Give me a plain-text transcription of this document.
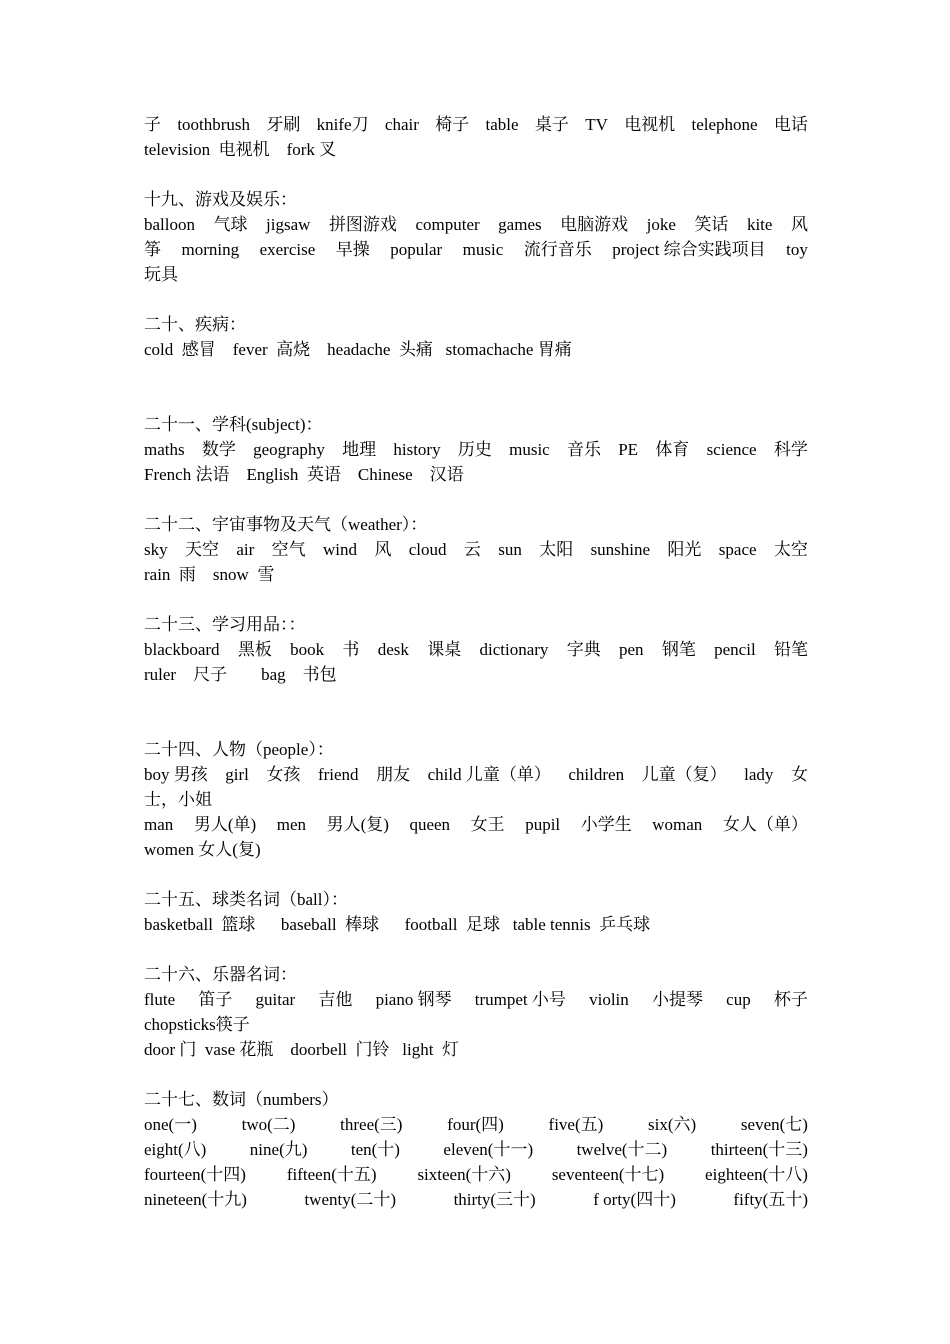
子 toothbrush 牙刷 knife刀 chair 椅子 table 桌子 TV 电视机 telephone 电话
television  电视机    fork 叉
十九、游戏及娱乐：
balloon 气球 jigsaw 拼图游戏 computer games 电脑游戏 joke 笑话 kite 风
筝 morning exercise 早操 popular music 流行音乐 project 综合实践项目 toy
玩具
二十、疾病：
cold  感冒    fever  高烧    headache  头痛   stomachache 胃痛
二十一、学科(subject)：
maths 数学 geography 地理 history 历史 music 音乐 PE 体育 science 科学
French 法语    English  英语    Chinese    汉语
二十二、宇宙事物及天气（weather）：
sky 天空 air 空气 wind 风 cloud 云 sun 太阳 sunshine 阳光 space 太空
rain  雨    snow  雪
二十三、学习用品：：
blackboard 黑板 book 书 desk 课桌 dictionary 字典 pen 钢笔 pencil 铅笔
ruler    尺子        bag    书包
二十四、人物（people）：
boy 男孩 girl 女孩 friend 朋友 child 儿童（单） children 儿童（复） lady 女
士，小姐
man 男人(单) men 男人(复) queen 女王 pupil 小学生 woman 女人（单）
women 女人(复)
二十五、球类名词（ball）：
basketball  篮球      baseball  棒球      football  足球   table tennis  乒乓球
二十六、乐器名词：
flute 笛子 guitar 吉他 piano 钢琴 trumpet 小号 violin 小提琴 cup 杯子
chopsticks筷子
door 门  vase 花瓶    doorbell  门铃   light  灯
二十七、数词（numbers）
one(一)	two(二)	three(三)	four(四)	five(五)	six(六)	seven(七)
eight(八)	nine(九)	ten(十)	eleven(十一)	twelve(十二)	thirteen(十三)
fourteen(十四) fifteen(十五) sixteen(十六) seventeen(十七) eighteen(十八)
nineteen(十九)	twenty(二十)	thirty(三十)	f orty(四十)	fifty(五十)
